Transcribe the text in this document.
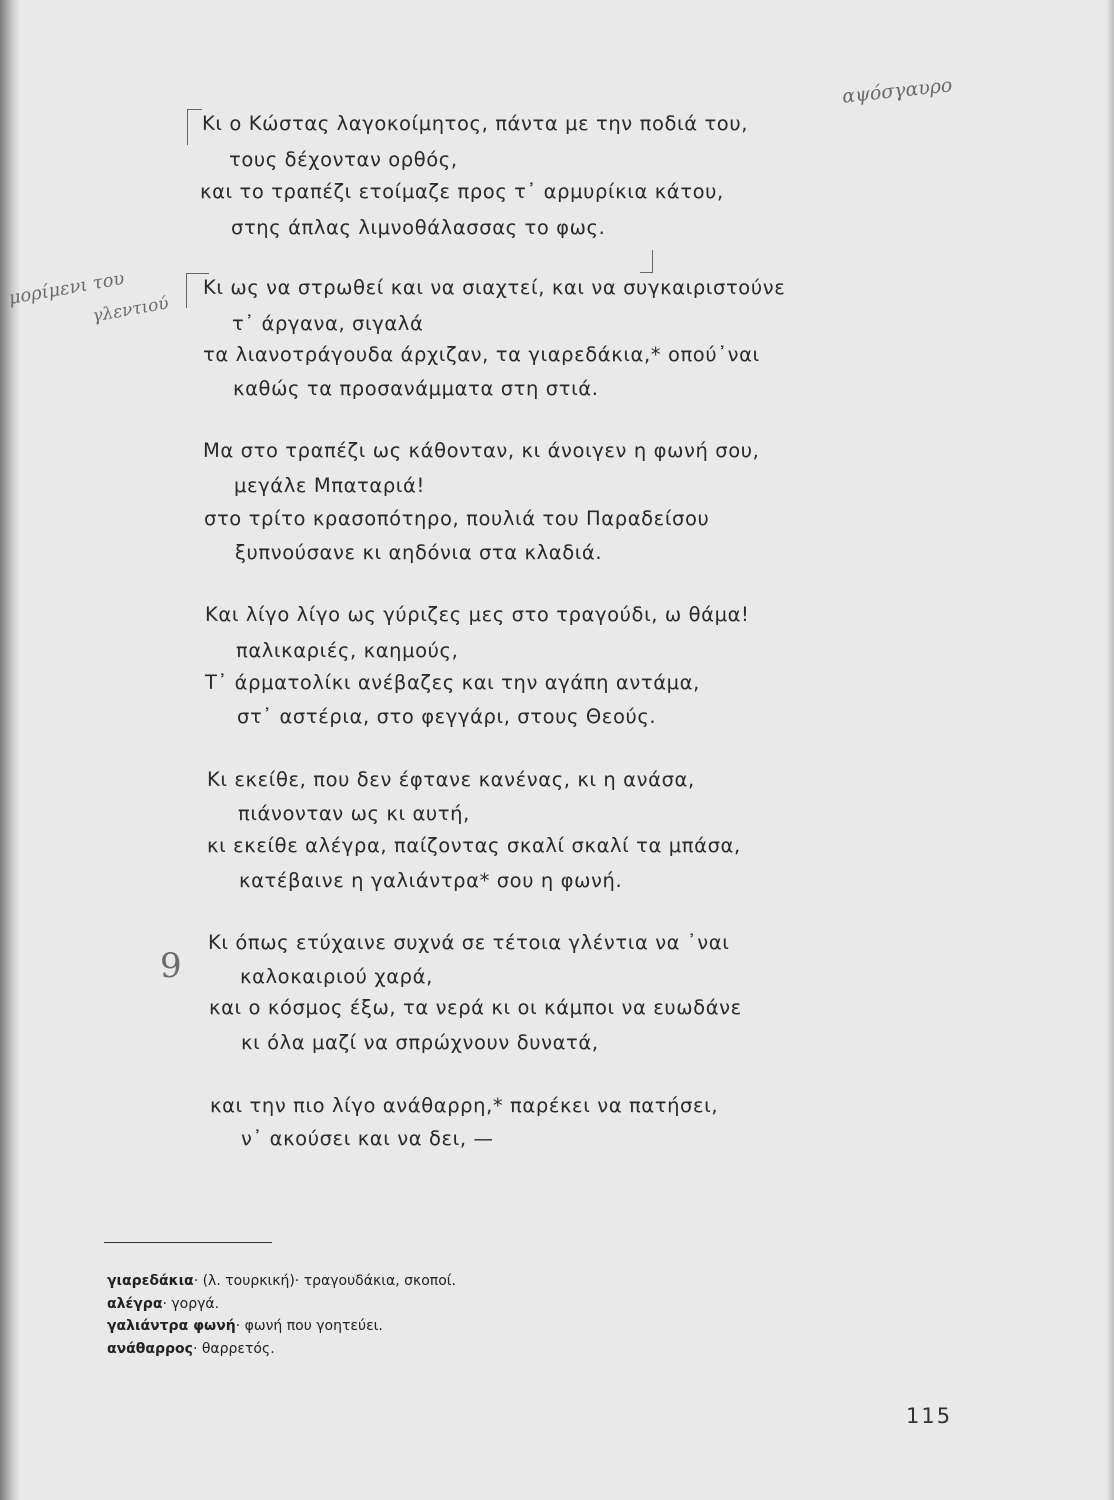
αψόσγαυρο
μορίμενι του
γλεντιού
9
Κι ο Κώστας λαγοκοίμητος, πάντα με την ποδιά του,
τους δέχονταν ορθός,
και το τραπέζι ετοίμαζε προς τ᾽ αρμυρίκια κάτου,
στης άπλας λιμνοθάλασσας το φως.
Κι ως να στρωθεί και να σιαχτεί, και να συγκαιριστούνε
τ᾽ άργανα, σιγαλά
τα λιανοτράγουδα άρχιζαν, τα γιαρεδάκια,* οπού᾽ναι
καθώς τα προσανάμματα στη στιά.
Μα στο τραπέζι ως κάθονταν, κι άνοιγεν η φωνή σου,
μεγάλε Μπαταριά!
στο τρίτο κρασοπότηρο, πουλιά του Παραδείσου
ξυπνούσανε κι αηδόνια στα κλαδιά.
Και λίγο λίγο ως γύριζες μες στο τραγούδι, ω θάμα!
παλικαριές, καημούς,
Τ᾽ άρματολίκι ανέβαζες και την αγάπη αντάμα,
στ᾽ αστέρια, στο φεγγάρι, στους Θεούς.
Κι εκείθε, που δεν έφτανε κανένας, κι η ανάσα,
πιάνονταν ως κι αυτή,
κι εκείθε αλέγρα, παίζοντας σκαλί σκαλί τα μπάσα,
κατέβαινε η γαλιάντρα* σου η φωνή.
Κι όπως ετύχαινε συχνά σε τέτοια γλέντια να ᾽ναι
καλοκαιριού χαρά,
και ο κόσμος έξω, τα νερά κι οι κάμποι να ευωδάνε
κι όλα μαζί να σπρώχνουν δυνατά,
και την πιο λίγο ανάθαρρη,* παρέκει να πατήσει,
ν᾽ ακούσει και να δει, —
γιαρεδάκια· (λ. τουρκική)· τραγουδάκια, σκοποί.
αλέγρα· γοργά.
γαλιάντρα φωνή· φωνή που γοητεύει.
ανάθαρρος· θαρρετός.
115
